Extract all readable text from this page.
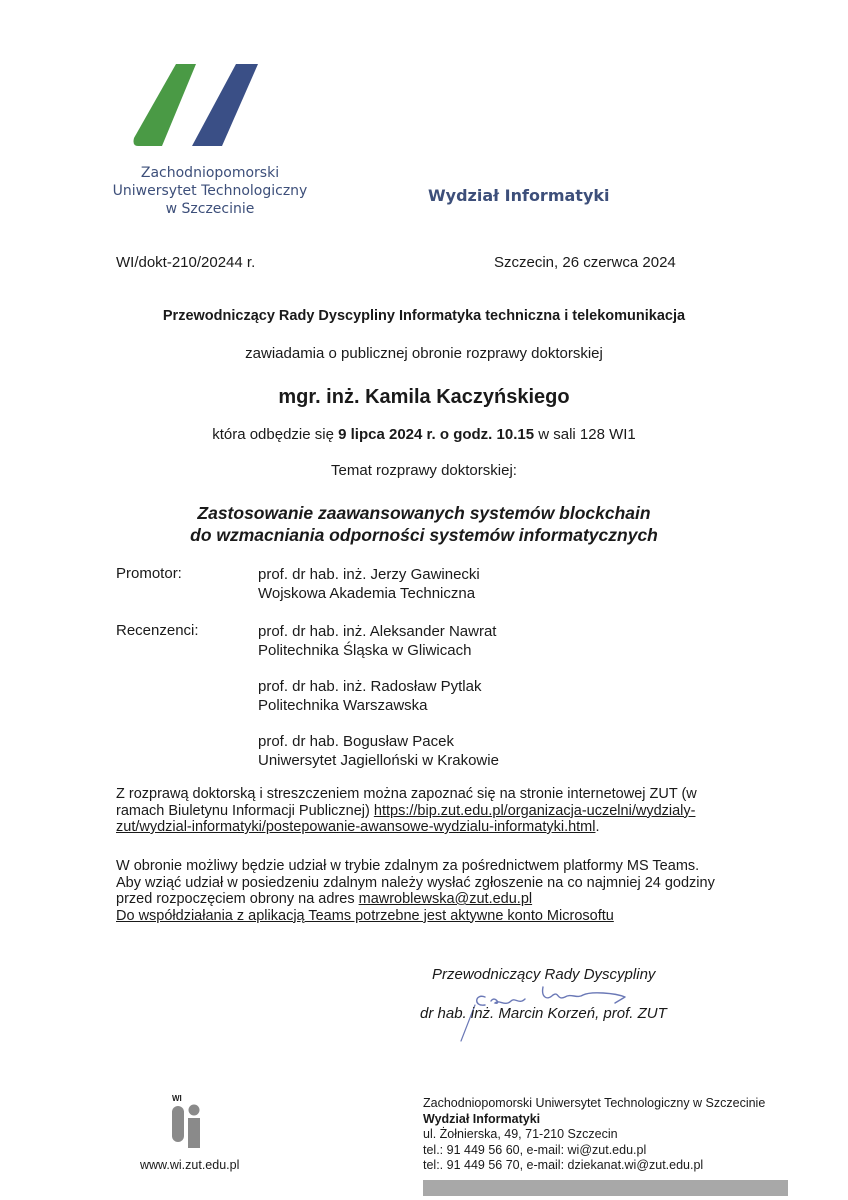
Zachodniopomorski
Uniwersytet Technologiczny
w Szczecinie
Wydział Informatyki
WI/dokt-210/20244 r.	Szczecin, 26 czerwca 2024
Przewodniczący Rady Dyscypliny Informatyka techniczna i telekomunikacja
zawiadamia o publicznej obronie rozprawy doktorskiej
mgr. inż. Kamila Kaczyńskiego
która odbędzie się 9 lipca 2024 r. o godz. 10.15 w sali 128 WI1
Temat rozprawy doktorskiej:
Zastosowanie zaawansowanych systemów blockchain
do wzmacniania odporności systemów informatycznych
Promotor:	prof. dr hab. inż. Jerzy Gawinecki
Wojskowa Akademia Techniczna
Recenzenci:	prof. dr hab. inż. Aleksander Nawrat
Politechnika Śląska w Gliwicach
prof. dr hab. inż. Radosław Pytlak
Politechnika Warszawska
prof. dr hab. Bogusław Pacek
Uniwersytet Jagielloński w Krakowie
Z rozprawą doktorską i streszczeniem można zapoznać się na stronie internetowej ZUT (w
ramach Biuletynu Informacji Publicznej) https://bip.zut.edu.pl/organizacja-uczelni/wydzialy-
zut/wydzial-informatyki/postepowanie-awansowe-wydzialu-informatyki.html.
W obronie możliwy będzie udział w trybie zdalnym za pośrednictwem platformy MS Teams.
Aby wziąć udział w posiedzeniu zdalnym należy wysłać zgłoszenie na co najmniej 24 godziny
przed rozpoczęciem obrony na adres mawroblewska@zut.edu.pl
Do współdziałania z aplikacją Teams potrzebne jest aktywne konto Microsoftu
Przewodniczący Rady Dyscypliny
dr hab. inż. Marcin Korzeń, prof. ZUT
WI
www.wi.zut.edu.pl
Zachodniopomorski Uniwersytet Technologiczny w Szczecinie
Wydział Informatyki
ul. Żołnierska, 49, 71-210 Szczecin
tel.: 91 449 56 60, e-mail: wi@zut.edu.pl
tel:. 91 449 56 70, e-mail: dziekanat.wi@zut.edu.pl
